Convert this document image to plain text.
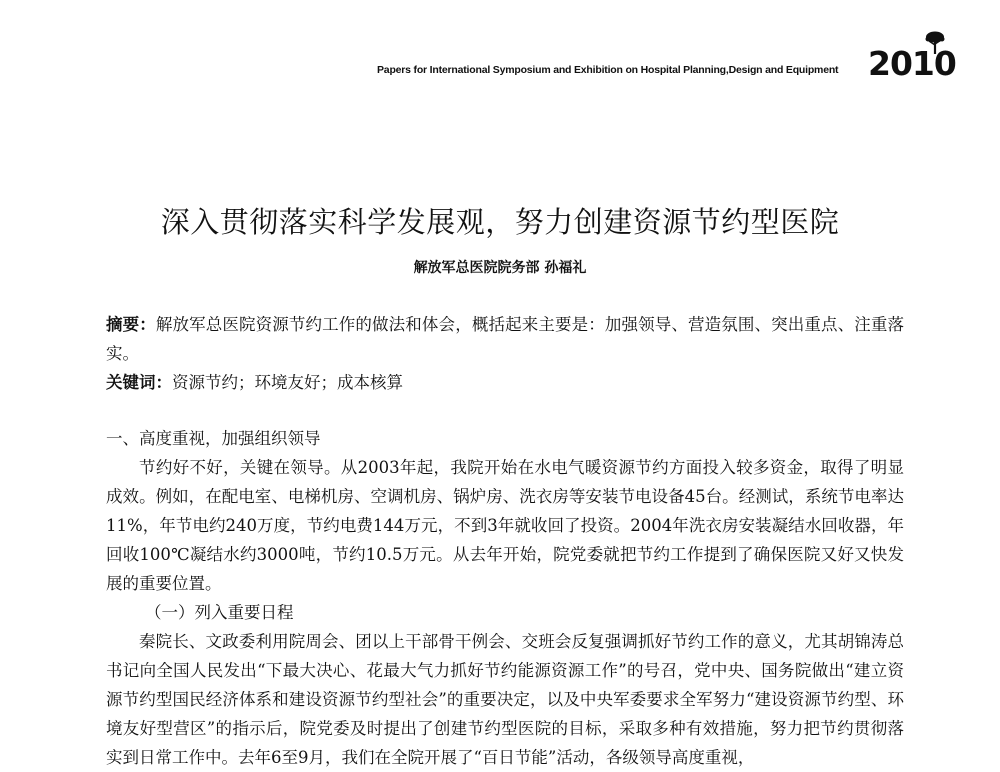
Papers for International Symposium and Exhibition on Hospital Planning,Design and Equipment 2010
深入贯彻落实科学发展观，努力创建资源节约型医院
解放军总医院院务部 孙福礼
摘要：解放军总医院资源节约工作的做法和体会，概括起来主要是：加强领导、营造氛围、突出重点、注重落实。
关键词：资源节约；环境友好；成本核算
一、高度重视，加强组织领导
节约好不好，关键在领导。从2003年起，我院开始在水电气暖资源节约方面投入较多资金，取得了明显成效。例如，在配电室、电梯机房、空调机房、锅炉房、洗衣房等安装节电设备45台。经测试，系统节电率达11%，年节电约240万度，节约电费144万元，不到3年就收回了投资。2004年洗衣房安装凝结水回收器，年回收100℃凝结水约3000吨，节约10.5万元。从去年开始，院党委就把节约工作提到了确保医院又好又快发展的重要位置。
（一）列入重要日程
秦院长、文政委利用院周会、团以上干部骨干例会、交班会反复强调抓好节约工作的意义，尤其胡锦涛总书记向全国人民发出“下最大决心、花最大气力抓好节约能源资源工作”的号召，党中央、国务院做出“建立资源节约型国民经济体系和建设资源节约型社会”的重要决定，以及中央军委要求全军努力“建设资源节约型、环境友好型营区”的指示后，院党委及时提出了创建节约型医院的目标，采取多种有效措施，努力把节约贯彻落实到日常工作中。去年6至9月，我们在全院开展了“百日节能”活动，各级领导高度重视，
